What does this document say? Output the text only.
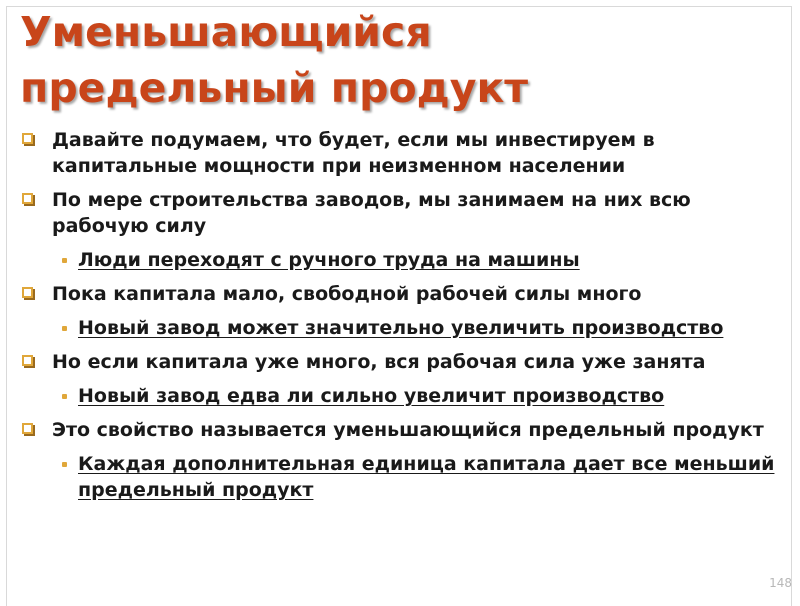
Уменьшающийся
предельный продукт

Давайте подумаем, что будет, если мы инвестируем в капитальные мощности при неизменном населении

По мере строительства заводов, мы занимаем на них всю рабочую силу

Люди переходят с ручного труда на машины

Пока капитала мало, свободной рабочей силы много

Новый завод может значительно увеличить производство

Но если капитала уже много, вся рабочая сила уже занята

Новый завод едва ли сильно увеличит производство

Это свойство называется уменьшающийся предельный продукт

Каждая дополнительная единица капитала дает все меньший предельный продукт

148
